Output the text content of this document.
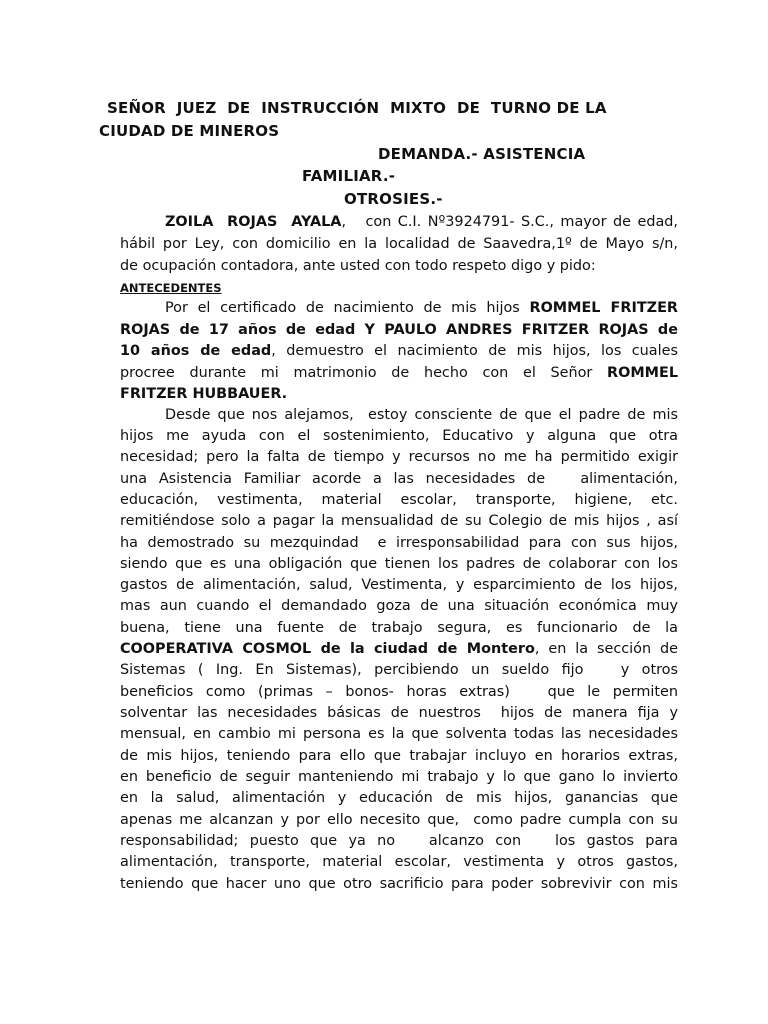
SEÑOR  JUEZ  DE  INSTRUCCIÓN  MIXTO  DE  TURNO DE LA
CIUDAD DE MINEROS
DEMANDA.- ASISTENCIA
FAMILIAR.-
OTROSIES.-
ZOILA  ROJAS  AYALA,   con C.I. Nº3924791- S.C., mayor de edad,
hábil por Ley, con domicilio en la localidad de Saavedra,1º de Mayo s/n,
de ocupación contadora, ante usted con todo respeto digo y pido:
ANTECEDENTES
Por el certificado de nacimiento de mis hijos ROMMEL FRITZER
ROJAS de 17 años de edad Y PAULO ANDRES FRITZER ROJAS de
10 años de edad, demuestro el nacimiento de mis hijos, los cuales
procree durante mi matrimonio de hecho con el Señor ROMMEL
FRITZER HUBBAUER.
Desde que nos alejamos,  estoy consciente de que el padre de mis
hijos me ayuda con el sostenimiento, Educativo y alguna que otra
necesidad; pero la falta de tiempo y recursos no me ha permitido exigir
una Asistencia Familiar acorde a las necesidades de   alimentación,
educación, vestimenta, material escolar, transporte, higiene, etc.
remitiéndose solo a pagar la mensualidad de su Colegio de mis hijos , así
ha demostrado su mezquindad  e irresponsabilidad para con sus hijos,
siendo que es una obligación que tienen los padres de colaborar con los
gastos de alimentación, salud, Vestimenta, y esparcimiento de los hijos,
mas aun cuando el demandado goza de una situación económica muy
buena, tiene una fuente de trabajo segura, es funcionario de la
COOPERATIVA COSMOL de la ciudad de Montero, en la sección de
Sistemas ( Ing. En Sistemas), percibiendo un sueldo fijo   y otros
beneficios como (primas – bonos- horas extras)   que le permiten
solventar las necesidades básicas de nuestros  hijos de manera fija y
mensual, en cambio mi persona es la que solventa todas las necesidades
de mis hijos, teniendo para ello que trabajar incluyo en horarios extras,
en beneficio de seguir manteniendo mi trabajo y lo que gano lo invierto
en la salud, alimentación y educación de mis hijos, ganancias que
apenas me alcanzan y por ello necesito que,  como padre cumpla con su
responsabilidad; puesto que ya no   alcanzo con   los gastos para
alimentación, transporte, material escolar, vestimenta y otros gastos,
teniendo que hacer uno que otro sacrificio para poder sobrevivir con mis
